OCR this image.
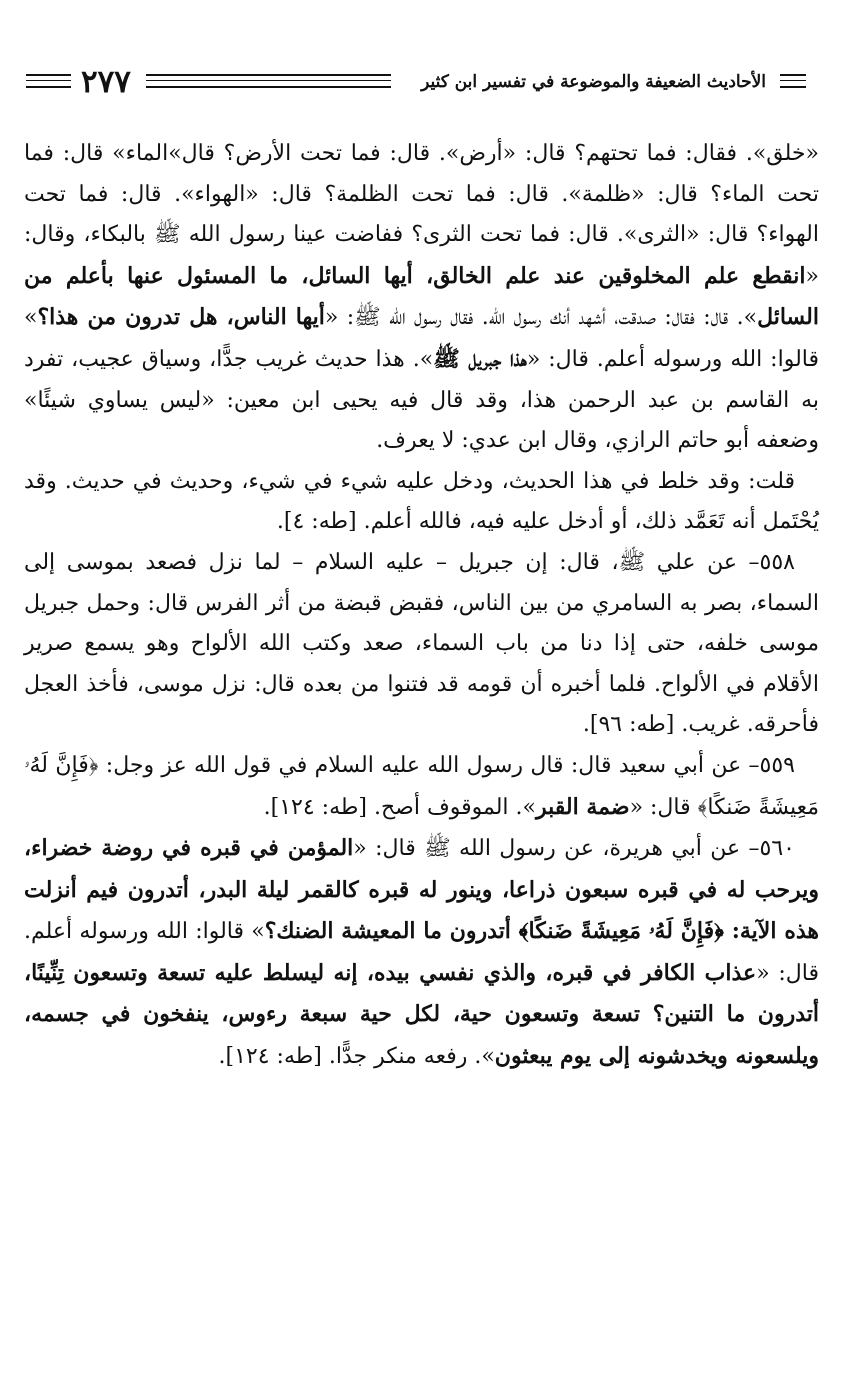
الأحاديث الضعيفة والموضوعة في تفسير ابن كثير
٢٧٧

«خلق». فقال: فما تحتهم؟ قال: «أرض». قال: فما تحت الأرض؟ قال»الماء» قال: فما تحت الماء؟ قال: «ظلمة». قال: فما تحت الظلمة؟ قال: «الهواء». قال: فما تحت الهواء؟ قال: «الثرى». قال: فما تحت الثرى؟ ففاضت عينا رسول الله ﷺ بالبكاء، وقال: «انقطع علم المخلوقين عند علم الخالق، أيها السائل، ما المسئول عنها بأعلم من السائل». قال: فقال: صدقت، أشهد أنك رسول الله. فقال رسول الله ﷺ: «أيها الناس، هل تدرون من هذا؟» قالوا: الله ورسوله أعلم. قال: «هذا جبريل ﷺ». هذا حديث غريب جدًّا، وسياق عجيب، تفرد به القاسم بن عبد الرحمن هذا، وقد قال فيه يحيى ابن معين: «ليس يساوي شيئًا» وضعفه أبو حاتم الرازي، وقال ابن عدي: لا يعرف.

قلت: وقد خلط في هذا الحديث، ودخل عليه شيء في شيء، وحديث في حديث. وقد يُحْتَمل أنه تَعَمَّد ذلك، أو أدخل عليه فيه، فالله أعلم. [طه: ٤].

٥٥٨– عن علي ﷺ، قال: إن جبريل – عليه السلام – لما نزل فصعد بموسى إلى السماء، بصر به السامري من بين الناس، فقبض قبضة من أثر الفرس قال: وحمل جبريل موسى خلفه، حتى إذا دنا من باب السماء، صعد وكتب الله الألواح وهو يسمع صرير الأقلام في الألواح. فلما أخبره أن قومه قد فتنوا من بعده قال: نزل موسى، فأخذ العجل فأحرقه. غريب. [طه: ٩٦].

٥٥٩– عن أبي سعيد قال: قال رسول الله عليه السلام في قول الله عز وجل: ﴿فَإِنَّ لَهُۥ مَعِيشَةً ضَنكًا﴾ قال: «ضمة القبر». الموقوف أصح. [طه: ١٢٤].

٥٦٠– عن أبي هريرة، عن رسول الله ﷺ قال: «المؤمن في قبره في روضة خضراء، ويرحب له في قبره سبعون ذراعا، وينور له قبره كالقمر ليلة البدر، أتدرون فيم أنزلت هذه الآية: ﴿فَإِنَّ لَهُۥ مَعِيشَةً ضَنكًا﴾ أتدرون ما المعيشة الضنك؟» قالوا: الله ورسوله أعلم. قال: «عذاب الكافر في قبره، والذي نفسي بيده، إنه ليسلط عليه تسعة وتسعون تِنِّينًا، أتدرون ما التنين؟ تسعة وتسعون حية، لكل حية سبعة رءوس، ينفخون في جسمه، ويلسعونه ويخدشونه إلى يوم يبعثون». رفعه منكر جدًّا. [طه: ١٢٤].
